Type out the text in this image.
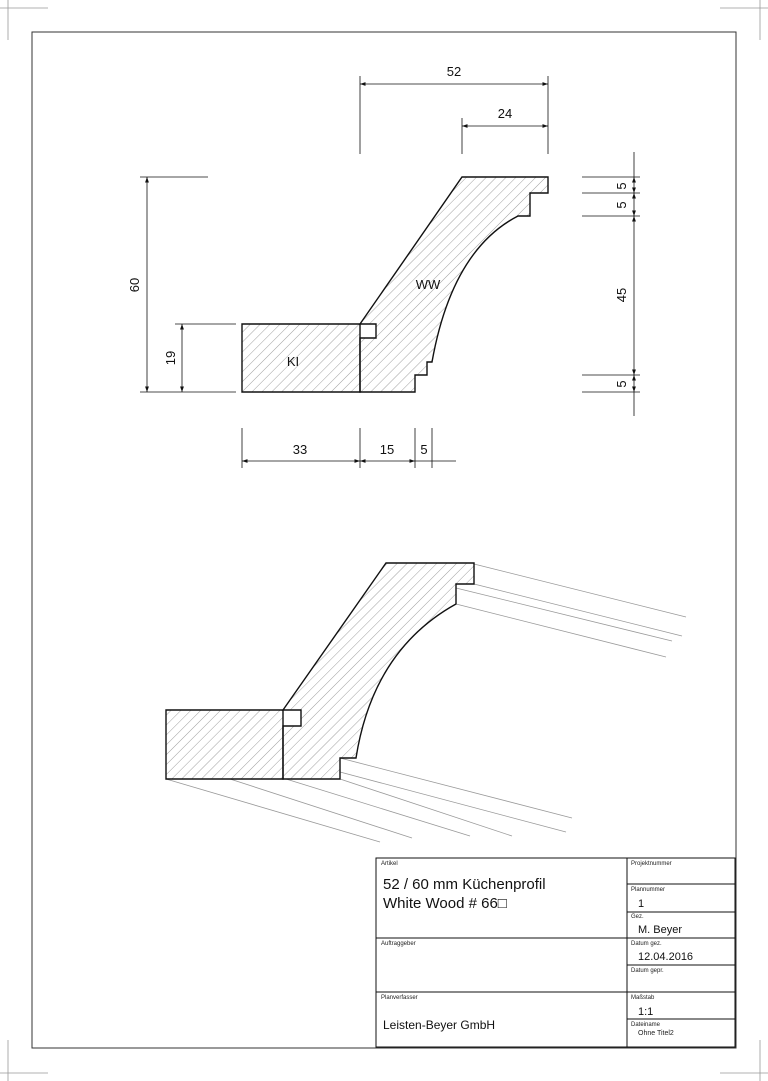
KI
WW
52
24
60
19
33	15 5
5
5
45
5
Artikel
52 / 60 mm Küchenprofil
White Wood # 66□
Auftraggeber
Planverfasser
Leisten-Beyer GmbH
Projektnummer
Plannummer
1
Gez.
M. Beyer
Datum gez.
12.04.2016
Datum gepr.
Maßstab
1:1
Dateiname
Ohne Titel2
